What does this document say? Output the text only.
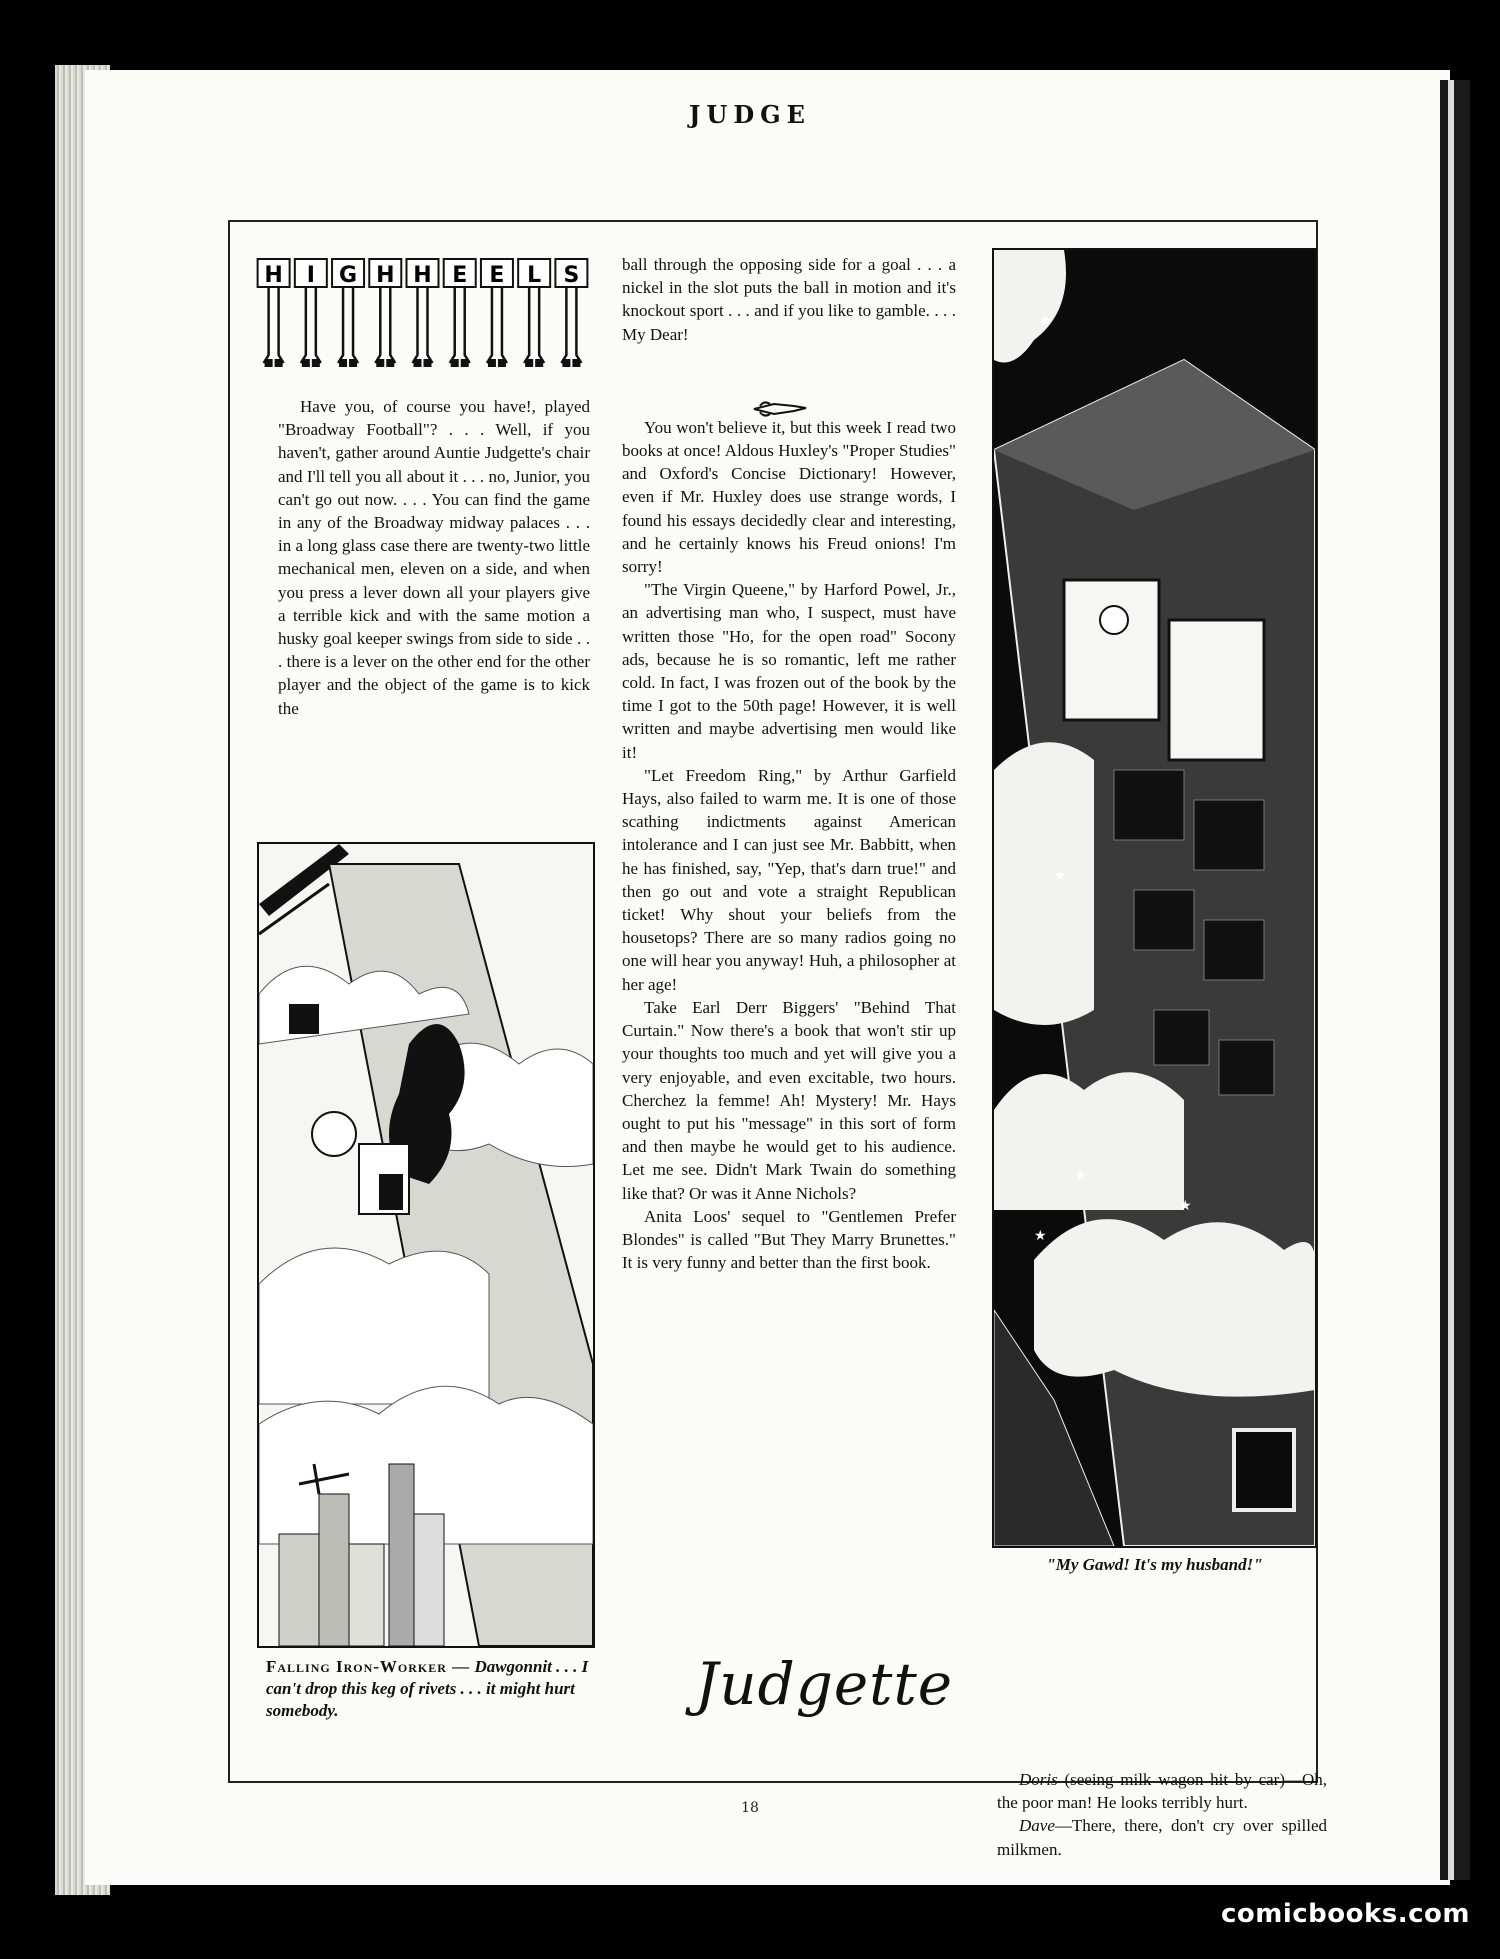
JUDGE
H I G H H E E L S

Have you, of course you have!, played "Broadway Football"? . . . Well, if you haven't, gather around Auntie Judgette's chair and I'll tell you all about it . . . no, Junior, you can't go out now. . . . You can find the game in any of the Broadway midway palaces . . . in a long glass case there are twenty-two little mechanical men, eleven on a side, and when you press a lever down all your players give a terrible kick and with the same motion a husky goal keeper swings from side to side . . . there is a lever on the other end for the other player and the object of the game is to kick the

ball through the opposing side for a goal . . . a nickel in the slot puts the ball in motion and it's knockout sport . . . and if you like to gamble. . . . My Dear!

You won't believe it, but this week I read two books at once! Aldous Huxley's "Proper Studies" and Oxford's Concise Dictionary! However, even if Mr. Huxley does use strange words, I found his essays decidedly clear and interesting, and he certainly knows his Freud onions! I'm sorry!

"The Virgin Queene," by Harford Powel, Jr., an advertising man who, I suspect, must have written those "Ho, for the open road" Socony ads, because he is so romantic, left me rather cold. In fact, I was frozen out of the book by the time I got to the 50th page! However, it is well written and maybe advertising men would like it!

"Let Freedom Ring," by Arthur Garfield Hays, also failed to warm me. It is one of those scathing indictments against American intolerance and I can just see Mr. Babbitt, when he has finished, say, "Yep, that's darn true!" and then go out and vote a straight Republican ticket! Why shout your beliefs from the housetops? There are so many radios going no one will hear you anyway! Huh, a philosopher at her age!

Take Earl Derr Biggers' "Behind That Curtain." Now there's a book that won't stir up your thoughts too much and yet will give you a very enjoyable, and even excitable, two hours. Cherchez la femme! Ah! Mystery! Mr. Hays ought to put his "message" in this sort of form and then maybe he would get to his audience. Let me see. Didn't Mark Twain do something like that? Or was it Anne Nichols?

Anita Loos' sequel to "Gentlemen Prefer Blondes" is called "But They Marry Brunettes." It is very funny and better than the first book.

Judgette
Falling Iron-Worker — Dawgonnit . . . I can't drop this keg of rivets . . . it might hurt somebody.
★
★
★
★
★
"My Gawd! It's my husband!"

Doris (seeing milk wagon hit by car)—Oh, the poor man! He looks terribly hurt.

Dave—There, there, don't cry over spilled milkmen.

18
comicbooks.com
